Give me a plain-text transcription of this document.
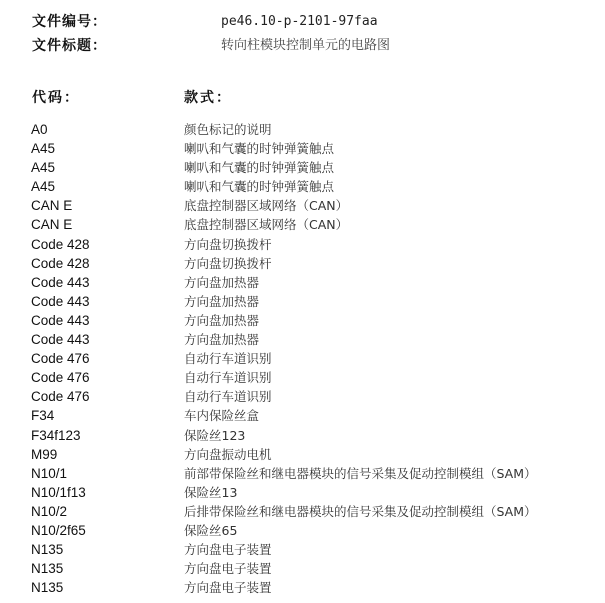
文件编号：	pe46.10-p-2101-97faa
文件标题：	转向柱模块控制单元的电路图
代码：	款式：
A0	颜色标记的说明
A45	喇叭和气囊的时钟弹簧触点
A45	喇叭和气囊的时钟弹簧触点
A45	喇叭和气囊的时钟弹簧触点
CAN E	底盘控制器区域网络（CAN）
CAN E	底盘控制器区域网络（CAN）
Code 428	方向盘切换拨杆
Code 428	方向盘切换拨杆
Code 443	方向盘加热器
Code 443	方向盘加热器
Code 443	方向盘加热器
Code 443	方向盘加热器
Code 476	自动行车道识别
Code 476	自动行车道识别
Code 476	自动行车道识别
F34	车内保险丝盒
F34f123	保险丝123
M99	方向盘振动电机
N10/1	前部带保险丝和继电器模块的信号采集及促动控制模组（SAM）
N10/1f13	保险丝13
N10/2	后排带保险丝和继电器模块的信号采集及促动控制模组（SAM）
N10/2f65	保险丝65
N135	方向盘电子装置
N135	方向盘电子装置
N135	方向盘电子装置
